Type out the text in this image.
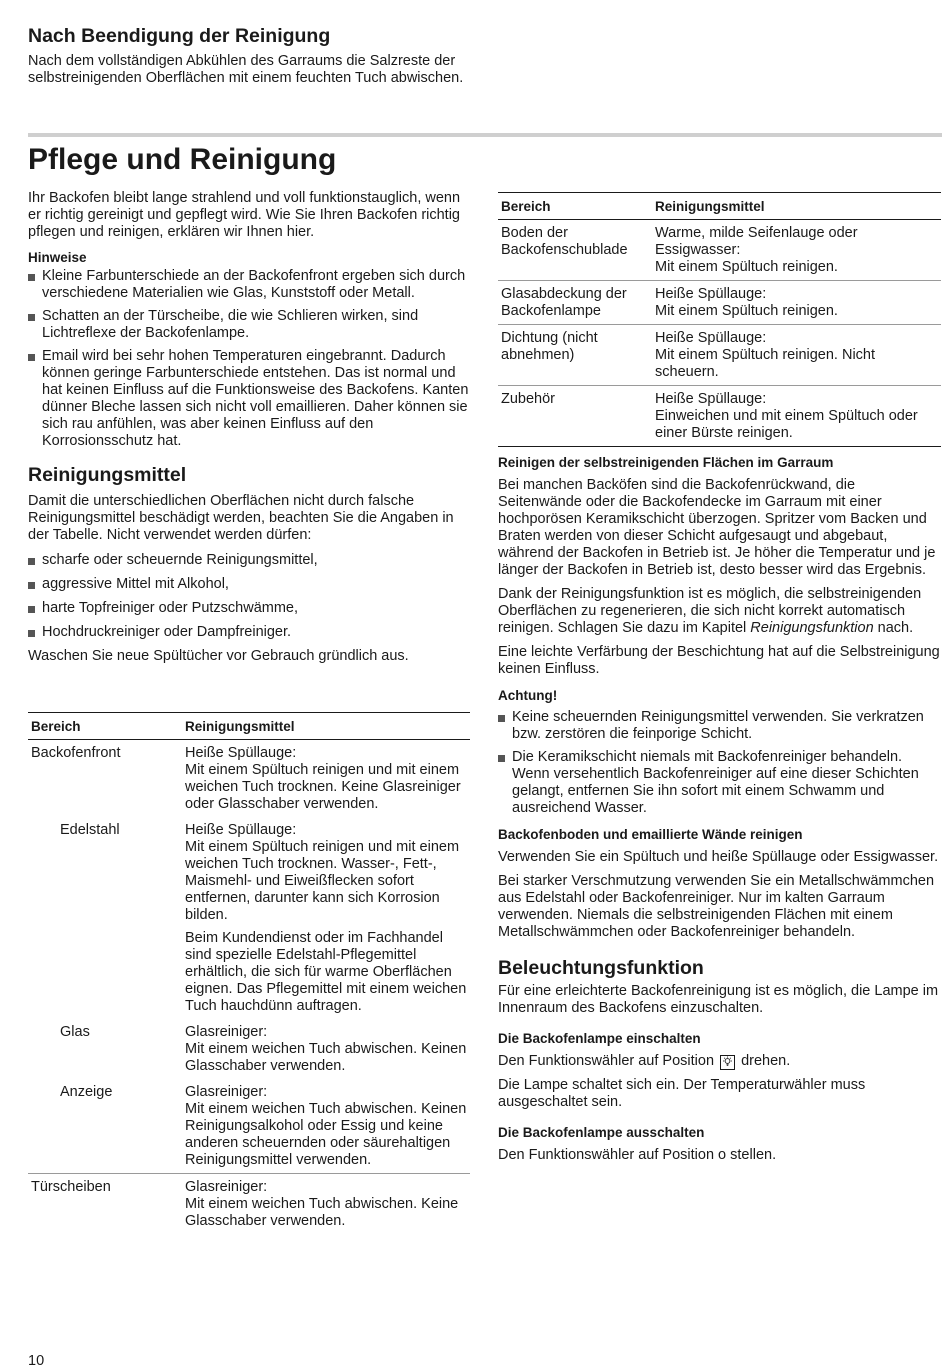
Nach Beendigung der Reinigung

Nach dem vollständigen Abkühlen des Garraums die Salzreste der selbstreinigenden Oberflächen mit einem feuchten Tuch abwischen.

Pflege und Reinigung

Ihr Backofen bleibt lange strahlend und voll funktionstauglich, wenn er richtig gereinigt und gepflegt wird. Wie Sie Ihren Backofen richtig pflegen und reinigen, erklären wir Ihnen hier.

Hinweise
Kleine Farbunterschiede an der Backofenfront ergeben sich durch verschiedene Materialien wie Glas, Kunststoff oder Metall.
Schatten an der Türscheibe, die wie Schlieren wirken, sind Lichtreflexe der Backofenlampe.
Email wird bei sehr hohen Temperaturen eingebrannt. Dadurch können geringe Farbunterschiede entstehen. Das ist normal und hat keinen Einfluss auf die Funktionsweise des Backofens. Kanten dünner Bleche lassen sich nicht voll emaillieren. Daher können sie sich rau anfühlen, was aber keinen Einfluss auf den Korrosionsschutz hat.
Reinigungsmittel

Damit die unterschiedlichen Oberflächen nicht durch falsche Reinigungsmittel beschädigt werden, beachten Sie die Angaben in der Tabelle. Nicht verwendet werden dürfen:

scharfe oder scheuernde Reinigungsmittel,
aggressive Mittel mit Alkohol,
harte Topfreiniger oder Putzschwämme,
Hochdruckreiniger oder Dampfreiniger.

Waschen Sie neue Spültücher vor Gebrauch gründlich aus.

Bereich	Reinigungsmittel
Backofenfront	Heiße Spüllauge:
Mit einem Spültuch reinigen und mit einem weichen Tuch trocknen. Keine Glasreiniger oder Glasschaber verwenden.
Edelstahl	Heiße Spüllauge:
Mit einem Spültuch reinigen und mit einem weichen Tuch trocknen. Wasser-, Fett-, Maismehl- und Eiweißflecken sofort entfernen, darunter kann sich Korrosion bilden.
Beim Kundendienst oder im Fachhandel sind spezielle Edelstahl-Pflegemittel erhältlich, die sich für warme Oberflächen eignen. Das Pflegemittel mit einem weichen Tuch hauchdünn auftragen.

Glas	Glasreiniger:
Mit einem weichen Tuch abwischen. Keinen Glasschaber verwenden.
Anzeige	Glasreiniger:
Mit einem weichen Tuch abwischen. Keinen Reinigungsalkohol oder Essig und keine anderen scheuernden oder säurehaltigen Reinigungsmittel verwenden.
Türscheiben	Glasreiniger:
Mit einem weichen Tuch abwischen. Keine Glasschaber verwenden.
Bereich	Reinigungsmittel
Boden der Backofenschublade	Warme, milde Seifenlauge oder Essigwasser:
Mit einem Spültuch reinigen.
Glasabdeckung der Backofenlampe	Heiße Spüllauge:
Mit einem Spültuch reinigen.
Dichtung (nicht abnehmen)	Heiße Spüllauge:
Mit einem Spültuch reinigen. Nicht scheuern.
Zubehör	Heiße Spüllauge:
Einweichen und mit einem Spültuch oder einer Bürste reinigen.
Reinigen der selbstreinigenden Flächen im Garraum

Bei manchen Backöfen sind die Backofenrückwand, die Seitenwände oder die Backofendecke im Garraum mit einer hochporösen Keramikschicht überzogen. Spritzer vom Backen und Braten werden von dieser Schicht aufgesaugt und abgebaut, während der Backofen in Betrieb ist. Je höher die Temperatur und je länger der Backofen in Betrieb ist, desto besser wird das Ergebnis.

Dank der Reinigungsfunktion ist es möglich, die selbstreinigenden Oberflächen zu regenerieren, die sich nicht korrekt automatisch reinigen. Schlagen Sie dazu im Kapitel Reinigungsfunktion nach.

Eine leichte Verfärbung der Beschichtung hat auf die Selbstreinigung keinen Einfluss.

Achtung!
Keine scheuernden Reinigungsmittel verwenden. Sie verkratzen bzw. zerstören die feinporige Schicht.
Die Keramikschicht niemals mit Backofenreiniger behandeln. Wenn versehentlich Backofenreiniger auf eine dieser Schichten gelangt, entfernen Sie ihn sofort mit einem Schwamm und ausreichend Wasser.
Backofenboden und emaillierte Wände reinigen

Verwenden Sie ein Spültuch und heiße Spüllauge oder Essigwasser.

Bei starker Verschmutzung verwenden Sie ein Metallschwämmchen aus Edelstahl oder Backofenreiniger. Nur im kalten Garraum verwenden. Niemals die selbstreinigenden Flächen mit einem Metallschwämmchen oder Backofenreiniger behandeln.

Beleuchtungsfunktion

Für eine erleichterte Backofenreinigung ist es möglich, die Lampe im Innenraum des Backofens einzuschalten.

Die Backofenlampe einschalten

Den Funktionswähler auf Position drehen.

Die Lampe schaltet sich ein. Der Temperaturwähler muss ausgeschaltet sein.

Die Backofenlampe ausschalten

Den Funktionswähler auf Position o stellen.

10
